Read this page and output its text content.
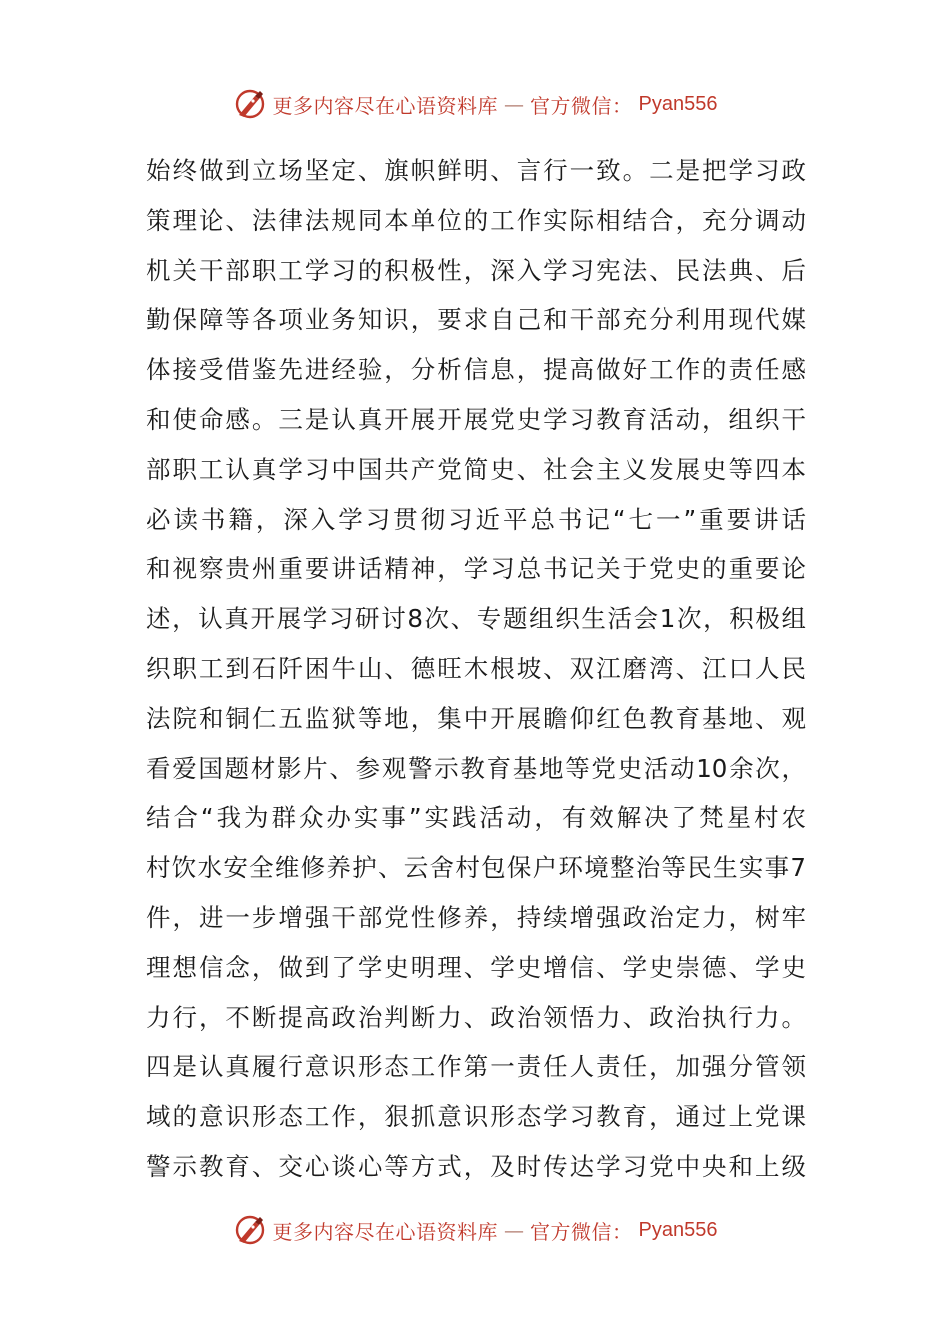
更多内容尽在心语资料库 — 官方微信： Pyan556
始终做到立场坚定、旗帜鲜明、言行一致。二是把学习政
策理论、法律法规同本单位的工作实际相结合，充分调动
机关干部职工学习的积极性，深入学习宪法、民法典、后
勤保障等各项业务知识，要求自己和干部充分利用现代媒
体接受借鉴先进经验，分析信息，提高做好工作的责任感
和使命感。三是认真开展开展党史学习教育活动，组织干
部职工认真学习中国共产党简史、社会主义发展史等四本
必读书籍，深入学习贯彻习近平总书记“七一”重要讲话
和视察贵州重要讲话精神，学习总书记关于党史的重要论
述，认真开展学习研讨8次、专题组织生活会1次，积极组
织职工到石阡困牛山、德旺木根坡、双江磨湾、江口人民
法院和铜仁五监狱等地，集中开展瞻仰红色教育基地、观
看爱国题材影片、参观警示教育基地等党史活动10余次，
结合“我为群众办实事”实践活动，有效解决了梵星村农
村饮水安全维修养护、云舍村包保户环境整治等民生实事7
件，进一步增强干部党性修养，持续增强政治定力，树牢
理想信念，做到了学史明理、学史增信、学史崇德、学史
力行，不断提高政治判断力、政治领悟力、政治执行力。
四是认真履行意识形态工作第一责任人责任，加强分管领
域的意识形态工作，狠抓意识形态学习教育，通过上党课
警示教育、交心谈心等方式，及时传达学习党中央和上级
更多内容尽在心语资料库 — 官方微信： Pyan556
